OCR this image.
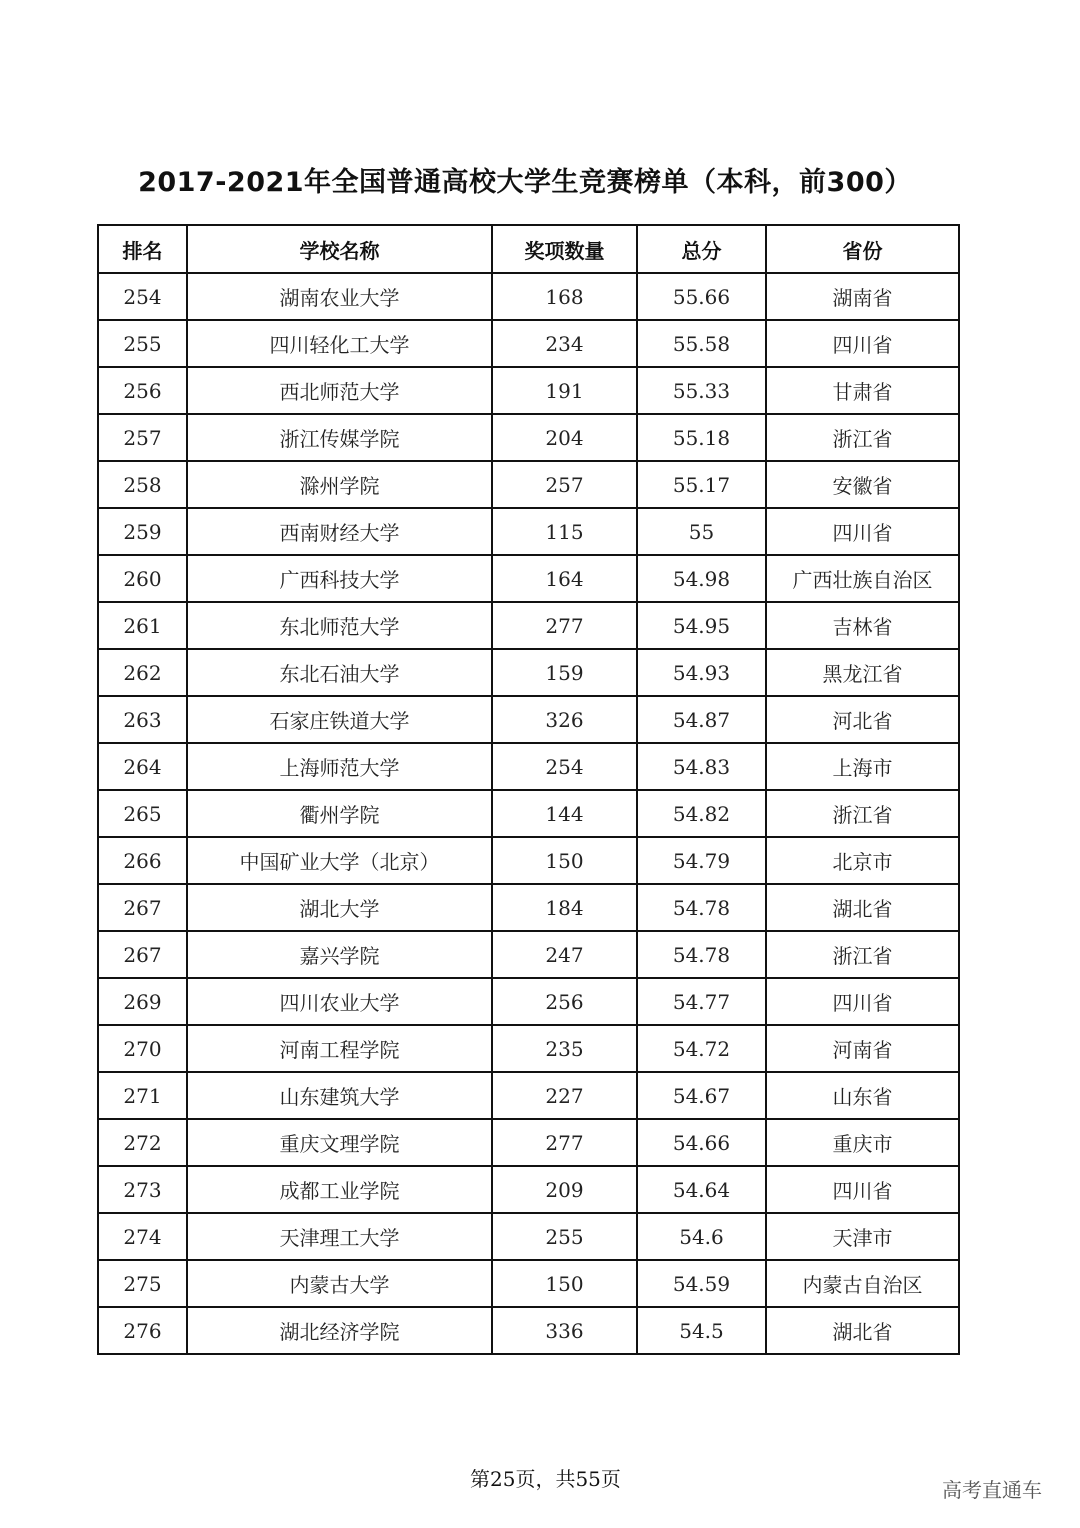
2017-2021年全国普通高校大学生竞赛榜单（本科，前300）
排名	学校名称	奖项数量	总分	省份
254	湖南农业大学	168	55.66	湖南省
255	四川轻化工大学	234	55.58	四川省
256	西北师范大学	191	55.33	甘肃省
257	浙江传媒学院	204	55.18	浙江省
258	滁州学院	257	55.17	安徽省
259	西南财经大学	115	55	四川省
260	广西科技大学	164	54.98	广西壮族自治区
261	东北师范大学	277	54.95	吉林省
262	东北石油大学	159	54.93	黑龙江省
263	石家庄铁道大学	326	54.87	河北省
264	上海师范大学	254	54.83	上海市
265	衢州学院	144	54.82	浙江省
266	中国矿业大学（北京）	150	54.79	北京市
267	湖北大学	184	54.78	湖北省
267	嘉兴学院	247	54.78	浙江省
269	四川农业大学	256	54.77	四川省
270	河南工程学院	235	54.72	河南省
271	山东建筑大学	227	54.67	山东省
272	重庆文理学院	277	54.66	重庆市
273	成都工业学院	209	54.64	四川省
274	天津理工大学	255	54.6	天津市
275	内蒙古大学	150	54.59	内蒙古自治区
276	湖北经济学院	336	54.5	湖北省
第25页，共55页	高考直通车
